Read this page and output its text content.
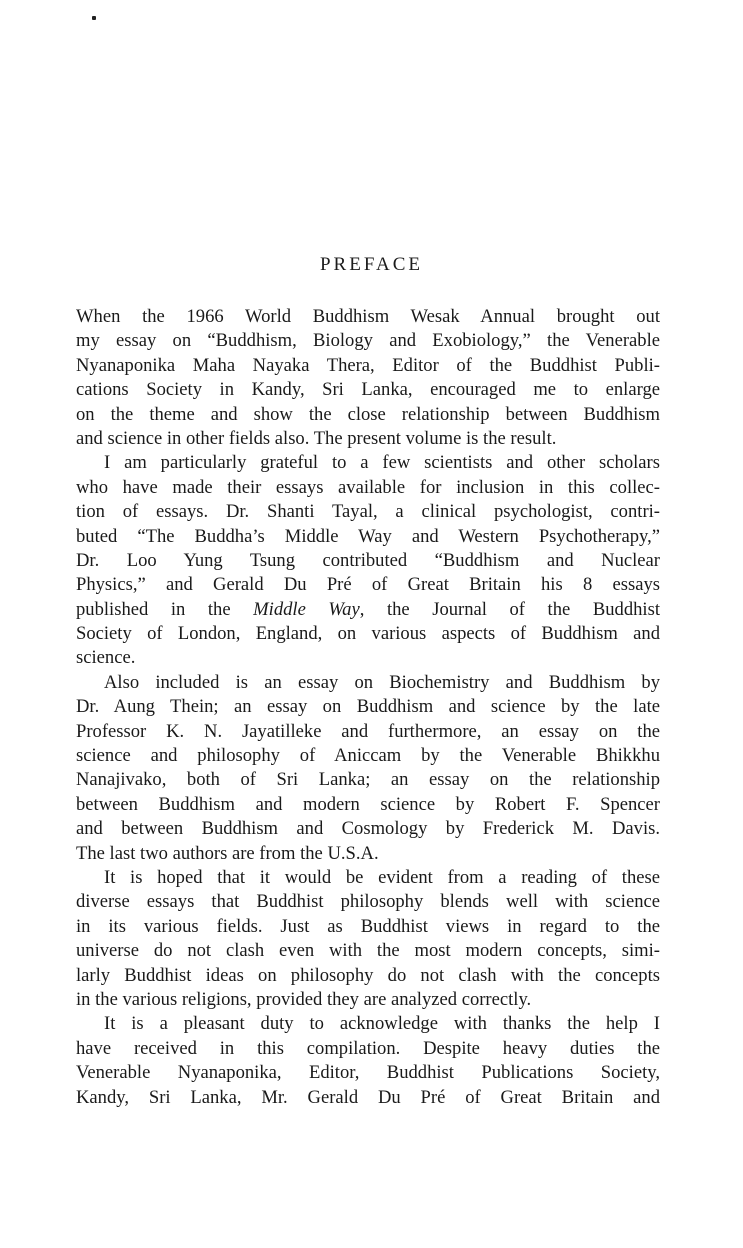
PREFACE
When the 1966 World Buddhism Wesak Annual brought out
my essay on “Buddhism, Biology and Exobiology,” the Venerable
Nyanaponika Maha Nayaka Thera, Editor of the Buddhist Publi-
cations Society in Kandy, Sri Lanka, encouraged me to enlarge
on the theme and show the close relationship between Buddhism
and science in other fields also. The present volume is the result.
I am particularly grateful to a few scientists and other scholars
who have made their essays available for inclusion in this collec-
tion of essays. Dr. Shanti Tayal, a clinical psychologist, contri-
buted “The Buddha’s Middle Way and Western Psychotherapy,”
Dr. Loo Yung Tsung contributed “Buddhism and Nuclear
Physics,” and Gerald Du Pré of Great Britain his 8 essays
published in the Middle Way, the Journal of the Buddhist
Society of London, England, on various aspects of Buddhism and
science.
Also included is an essay on Biochemistry and Buddhism by
Dr. Aung Thein; an essay on Buddhism and science by the late
Professor K. N. Jayatilleke and furthermore, an essay on the
science and philosophy of Aniccam by the Venerable Bhikkhu
Nanajivako, both of Sri Lanka; an essay on the relationship
between Buddhism and modern science by Robert F. Spencer
and between Buddhism and Cosmology by Frederick M. Davis.
The last two authors are from the U.S.A.
It is hoped that it would be evident from a reading of these
diverse essays that Buddhist philosophy blends well with science
in its various fields. Just as Buddhist views in regard to the
universe do not clash even with the most modern concepts, simi-
larly Buddhist ideas on philosophy do not clash with the concepts
in the various religions, provided they are analyzed correctly.
It is a pleasant duty to acknowledge with thanks the help I
have received in this compilation. Despite heavy duties the
Venerable Nyanaponika, Editor, Buddhist Publications Society,
Kandy, Sri Lanka, Mr. Gerald Du Pré of Great Britain and
